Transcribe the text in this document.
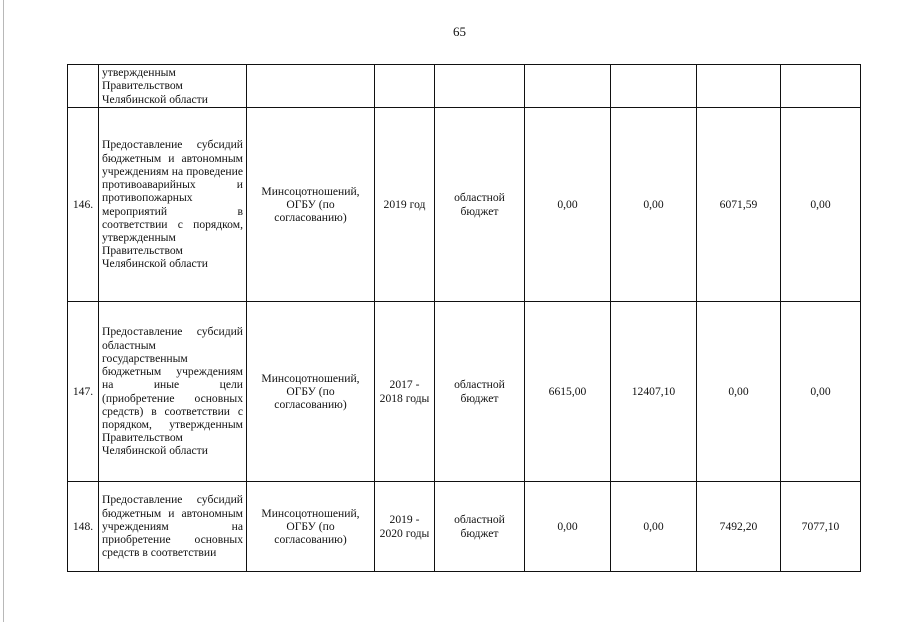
65
	утвержденным Правительством Челябинской области							
146.	Предоставление субсидий бюджетным и автономным учреждениям на проведение противоаварийных и противопожарных мероприятий в соответствии с порядком, утвержденным Правительством Челябинской области	Минсоцотношений, ОГБУ (по согласованию)	2019 год	областной бюджет	0,00	0,00	6071,59	0,00
147.	Предоставление субсидий областным государственным бюджетным учреждениям на иные цели (приобретение основных средств) в соответствии с порядком, утвержденным Правительством Челябинской области	Минсоцотношений, ОГБУ (по согласованию)	2017 - 2018 годы	областной бюджет	6615,00	12407,10	0,00	0,00
148.	Предоставление субсидий бюджетным и автономным учреждениям на приобретение основных средств в соответствии	Минсоцотношений, ОГБУ (по согласованию)	2019 - 2020 годы	областной бюджет	0,00	0,00	7492,20	7077,10
